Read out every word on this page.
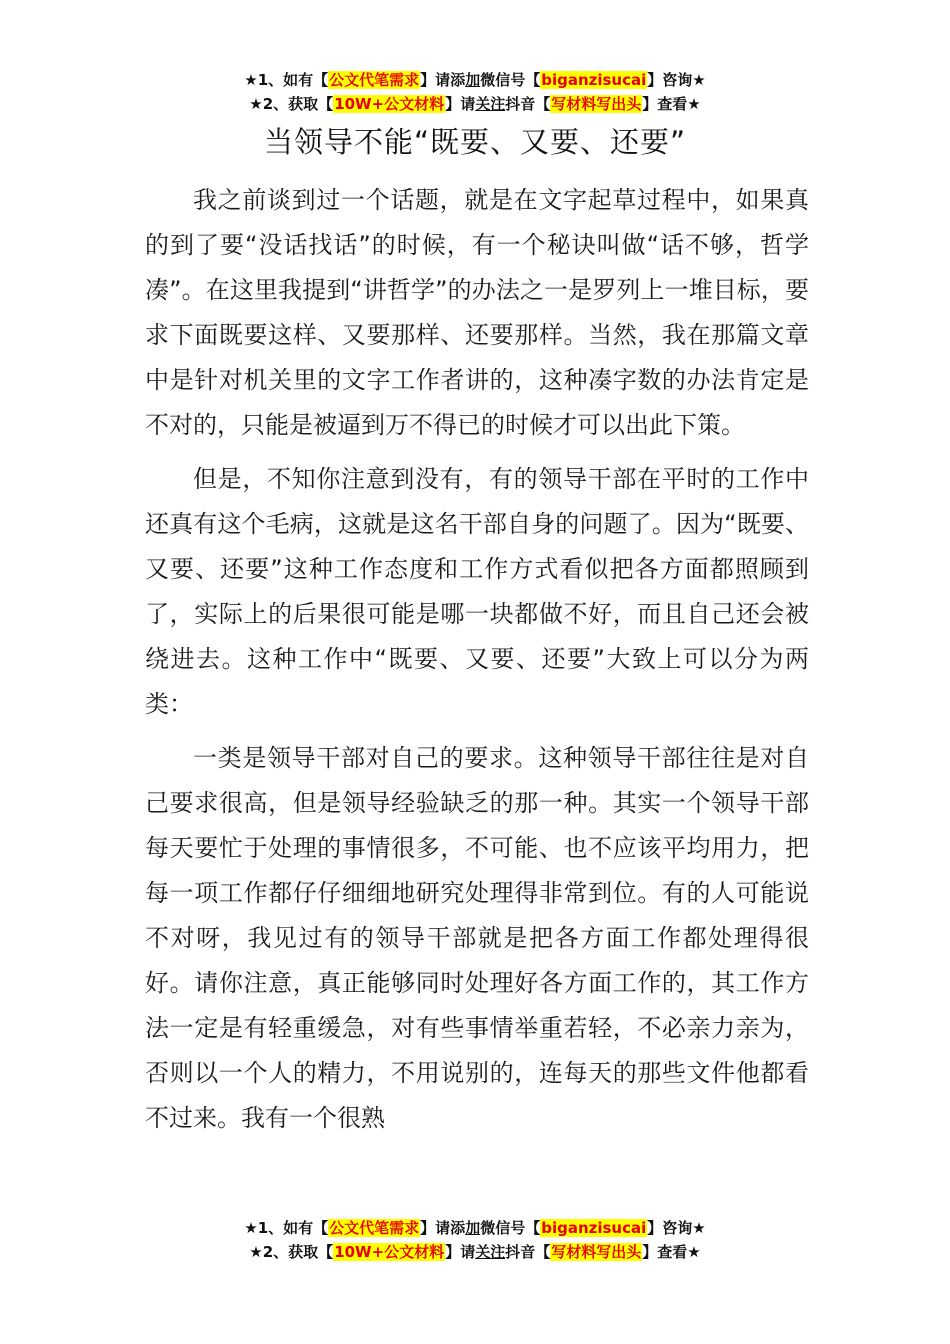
★1、如有【公文代笔需求】请添加微信号【biganzisucai】咨询★
★2、获取【10W+公文材料】请关注抖音【写材料写出头】查看★
当领导不能“既要、又要、还要”

我之前谈到过一个话题，就是在文字起草过程中，如果真的到了要“没话找话”的时候，有一个秘诀叫做“话不够，哲学凑”。在这里我提到“讲哲学”的办法之一是罗列上一堆目标，要求下面既要这样、又要那样、还要那样。当然，我在那篇文章中是针对机关里的文字工作者讲的，这种凑字数的办法肯定是不对的，只能是被逼到万不得已的时候才可以出此下策。

但是，不知你注意到没有，有的领导干部在平时的工作中还真有这个毛病，这就是这名干部自身的问题了。因为“既要、又要、还要”这种工作态度和工作方式看似把各方面都照顾到了，实际上的后果很可能是哪一块都做不好，而且自己还会被绕进去。这种工作中“既要、又要、还要”大致上可以分为两类：

一类是领导干部对自己的要求。这种领导干部往往是对自己要求很高，但是领导经验缺乏的那一种。其实一个领导干部每天要忙于处理的事情很多，不可能、也不应该平均用力，把每一项工作都仔仔细细地研究处理得非常到位。有的人可能说不对呀，我见过有的领导干部就是把各方面工作都处理得很好。请你注意，真正能够同时处理好各方面工作的，其工作方法一定是有轻重缓急，对有些事情举重若轻，不必亲力亲为，否则以一个人的精力，不用说别的，连每天的那些文件他都看不过来。我有一个很熟

★1、如有【公文代笔需求】请添加微信号【biganzisucai】咨询★
★2、获取【10W+公文材料】请关注抖音【写材料写出头】查看★
